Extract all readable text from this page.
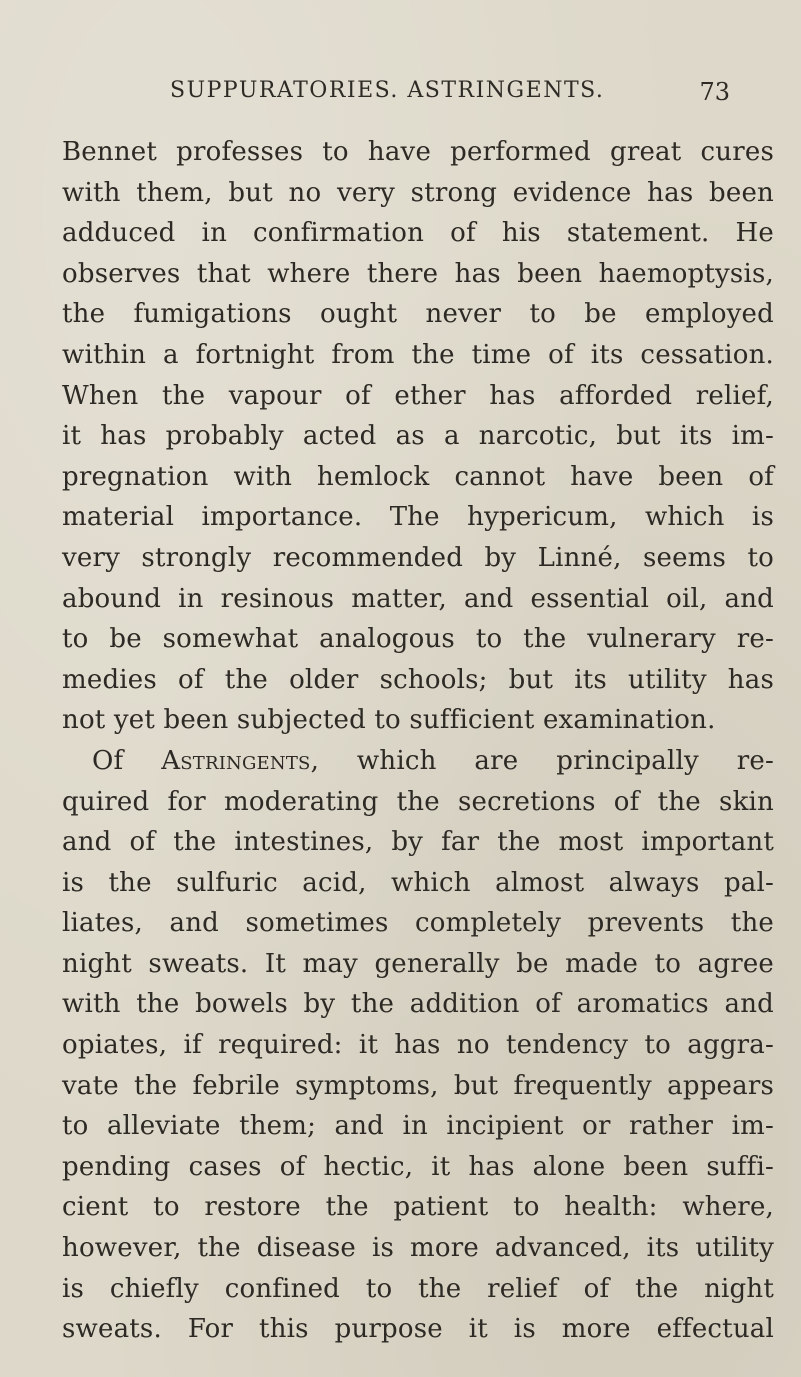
SUPPURATORIES. ASTRINGENTS.	73
Bennet professes to have performed great cures
with them, but no very strong evidence has been
adduced in confirmation of his statement. He
observes that where there has been haemoptysis,
the fumigations ought never to be employed
within a fortnight from the time of its cessation.
When the vapour of ether has afforded relief,
it has probably acted as a narcotic, but its im-
pregnation with hemlock cannot have been of
material importance. The hypericum, which is
very strongly recommended by Linné, seems to
abound in resinous matter, and essential oil, and
to be somewhat analogous to the vulnerary re-
medies of the older schools; but its utility has
not yet been subjected to sufficient examination.
Of Astringents, which are principally re-
quired for moderating the secretions of the skin
and of the intestines, by far the most important
is the sulfuric acid, which almost always pal-
liates, and sometimes completely prevents the
night sweats. It may generally be made to agree
with the bowels by the addition of aromatics and
opiates, if required: it has no tendency to aggra-
vate the febrile symptoms, but frequently appears
to alleviate them; and in incipient or rather im-
pending cases of hectic, it has alone been suffi-
cient to restore the patient to health: where,
however, the disease is more advanced, its utility
is chiefly confined to the relief of the night
sweats. For this purpose it is more effectual
